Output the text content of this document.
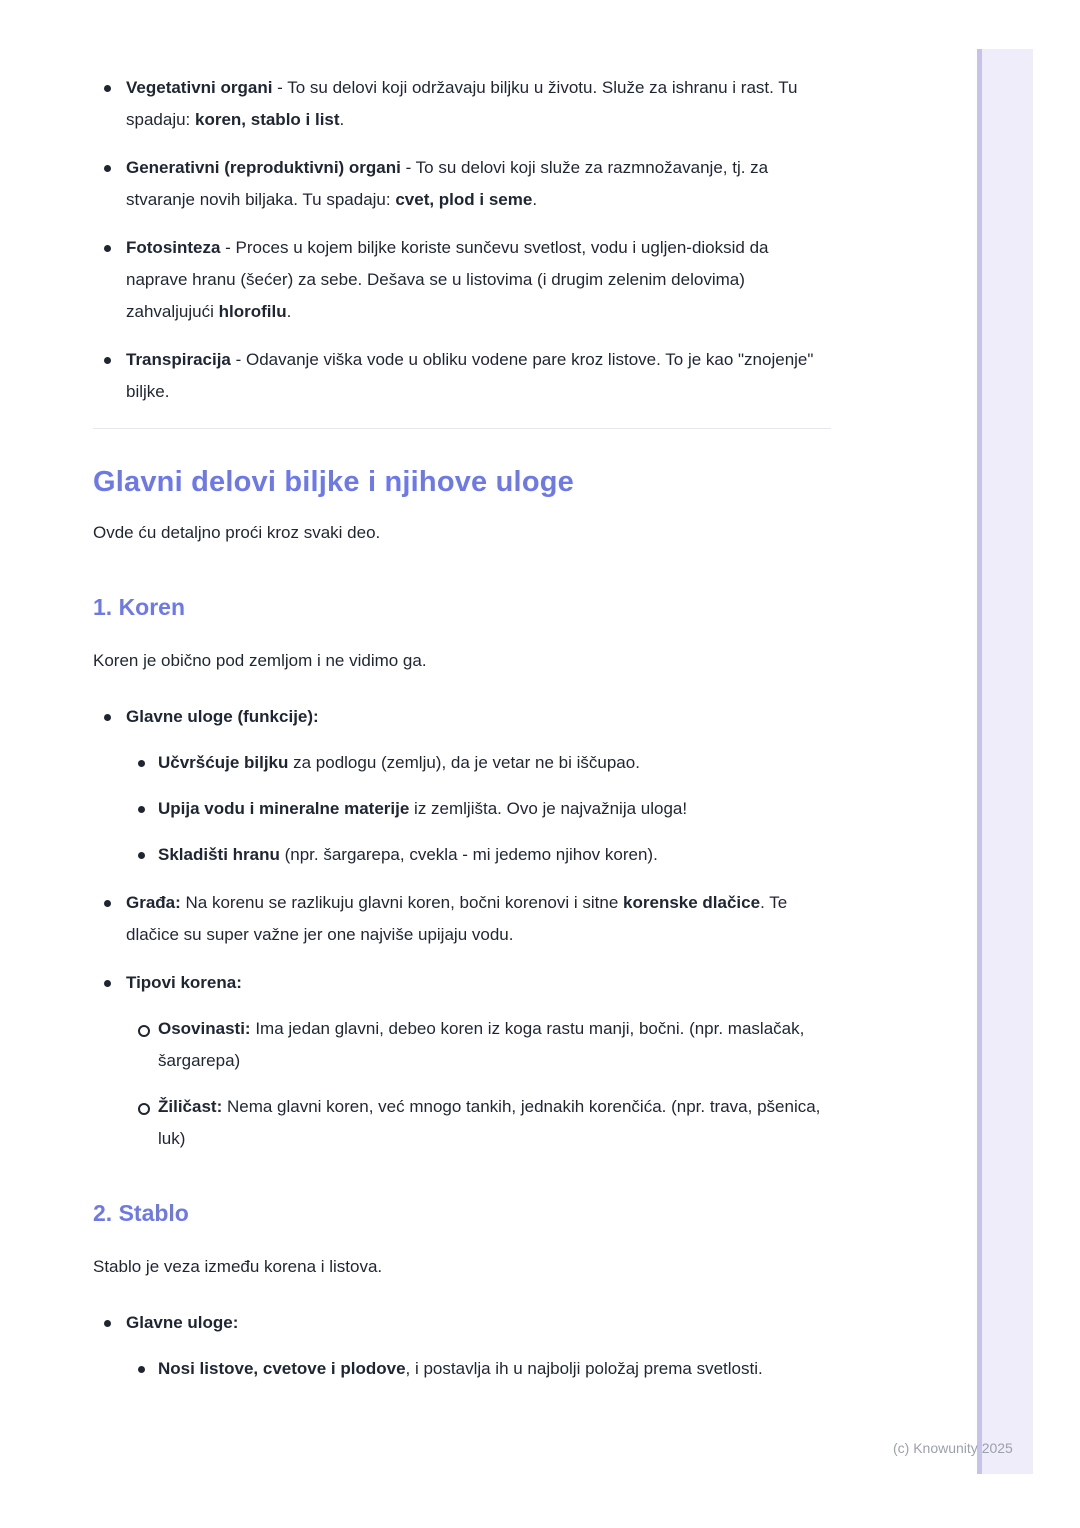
Vegetativni organi - To su delovi koji održavaju biljku u životu. Služe za ishranu i rast. Tu spadaju: koren, stablo i list.
Generativni (reproduktivni) organi - To su delovi koji služe za razmnožavanje, tj. za stvaranje novih biljaka. Tu spadaju: cvet, plod i seme.
Fotosinteza - Proces u kojem biljke koriste sunčevu svetlost, vodu i ugljen-dioksid da naprave hranu (šećer) za sebe. Dešava se u listovima (i drugim zelenim delovima) zahvaljujući hlorofilu.
Transpiracija - Odavanje viška vode u obliku vodene pare kroz listove. To je kao "znojenje" biljke.
Glavni delovi biljke i njihove uloge

Ovde ću detaljno proći kroz svaki deo.

1. Koren

Koren je obično pod zemljom i ne vidimo ga.

Glavne uloge (funkcije):
Učvršćuje biljku za podlogu (zemlju), da je vetar ne bi iščupao.
Upija vodu i mineralne materije iz zemljišta. Ovo je najvažnija uloga!
Skladišti hranu (npr. šargarepa, cvekla - mi jedemo njihov koren).
Građa: Na korenu se razlikuju glavni koren, bočni korenovi i sitne korenske dlačice. Te dlačice su super važne jer one najviše upijaju vodu.
Tipovi korena:
Osovinasti: Ima jedan glavni, debeo koren iz koga rastu manji, bočni. (npr. maslačak, šargarepa)
Žiličast: Nema glavni koren, već mnogo tankih, jednakih korenčića. (npr. trava, pšenica, luk)
2. Stablo

Stablo je veza između korena i listova.

Glavne uloge:
Nosi listove, cvetove i plodove, i postavlja ih u najbolji položaj prema svetlosti.
(c) Knowunity 2025
